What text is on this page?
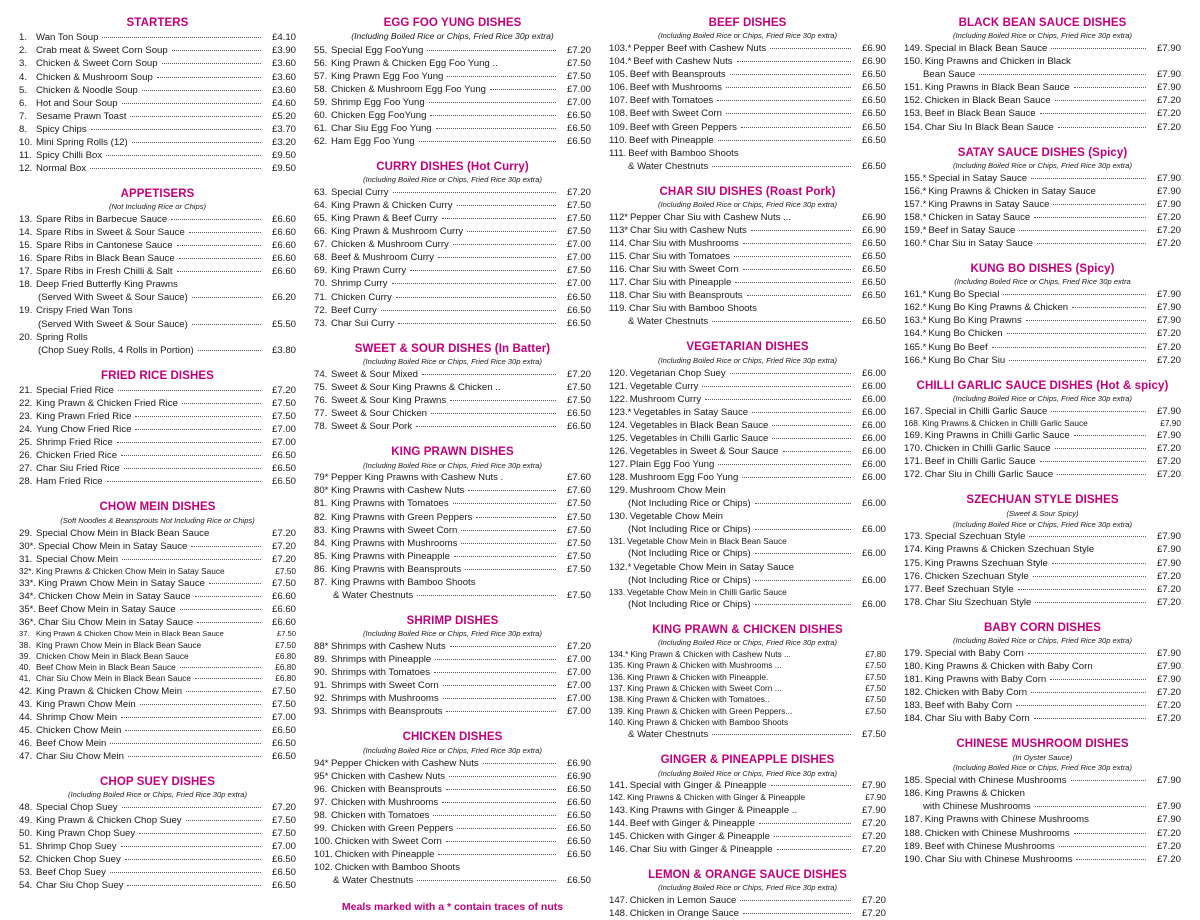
STARTERS
1. Wan Ton Soup	£4.10
2. Crab meat & Sweet Corn Soup	£3.90
3. Chicken & Sweet Corn Soup	£3.60
4. Chicken & Mushroom Soup	£3.60
5. Chicken & Noodle Soup	£3.60
6. Hot and Sour Soup	£4.60
7. Sesame Prawn Toast	£5.20
8. Spicy Chips	£3.70
10. Mini Spring Rolls (12)	£3.20
11. Spicy Chilli Box	£9.50
12. Normal Box	£9.50
APPETISERS
(Not Including Rice or Chips)
13. Spare Ribs in Barbecue Sauce	£6.60
14. Spare Ribs in Sweet & Sour Sauce	£6.60
15. Spare Ribs in Cantonese Sauce	£6.60
16. Spare Ribs in Black Bean Sauce	£6.60
17. Spare Ribs in Fresh Chilli & Salt	£6.60
18. Deep Fried Butterfly King Prawns
(Served With Sweet & Sour Sauce)	£6.20
19. Crispy Fried Wan Tons
(Served With Sweet & Sour Sauce)	£5.50
20. Spring Rolls
(Chop Suey Rolls, 4 Rolls in Portion)	£3.80
FRIED RICE DISHES
21. Special Fried Rice	£7.20
22. King Prawn & Chicken Fried Rice	£7.50
23. King Prawn Fried Rice	£7.50
24. Yung Chow Fried Rice	£7.00
25. Shrimp Fried Rice	£7.00
26. Chicken Fried Rice	£6.50
27. Char Siu Fried Rice	£6.50
28. Ham Fried Rice	£6.50
CHOW MEIN DISHES
(Soft Noodles & Beansprouts Not Including Rice or Chips)
29. Special Chow Mein in Black Bean Sauce	£7.20
30*. Special Chow Mein in Satay Sauce	£7.20
31. Special Chow Mein	£7.20
32*. King Prawns & Chicken Chow Mein in Satay Sauce	£7.50
33*. King Prawn Chow Mein in Satay Sauce	£7.50
34*. Chicken Chow Mein in Satay Sauce	£6.60
35*. Beef Chow Mein in Satay Sauce	£6.60
36*. Char Siu Chow Mein in Satay Sauce	£6.60
37. King Prawn & Chicken Chow Mein in Black Bean Sauce	£7.50
38. King Prawn Chow Mein in Black Bean Sauce	£7.50
39. Chicken Chow Mein in Black Bean Sauce	£6.80
40. Beef Chow Mein in Black Bean Sauce	£6.80
41. Char Siu Chow Mein in Black Bean Sauce	£6.80
42. King Prawn & Chicken Chow Mein	£7.50
43. King Prawn Chow Mein	£7.50
44. Shrimp Chow Mein	£7.00
45. Chicken Chow Mein	£6.50
46. Beef Chow Mein	£6.50
47. Char Siu Chow Mein	£6.50
CHOP SUEY DISHES
(Including Boiled Rice or Chips, Fried Rice 30p extra)
48. Special Chop Suey	£7.20
49. King Prawn & Chicken Chop Suey	£7.50
50. King Prawn Chop Suey	£7.50
51. Shrimp Chop Suey	£7.00
52. Chicken Chop Suey	£6.50
53. Beef Chop Suey	£6.50
54. Char Siu Chop Suey	£6.50
EGG FOO YUNG DISHES
(Including Boiled Rice or Chips, Fried Rice 30p extra)
55. Special Egg FooYung	£7.20
56. King Prawn & Chicken Egg Foo Yung ..	£7.50
57. King Prawn Egg Foo Yung	£7.50
58. Chicken & Mushroom Egg Foo Yung	£7.00
59. Shrimp Egg Foo Yung	£7.00
60. Chicken Egg FooYung	£6.50
61. Char Siu Egg Foo Yung	£6.50
62. Ham Egg Foo Yung	£6.50
CURRY DISHES (Hot Curry)
(Including Boiled Rice or Chips, Fried Rice 30p extra)
63. Special Curry	£7.20
64. King Prawn & Chicken Curry	£7.50
65. King Prawn & Beef Curry	£7.50
66. King Prawn & Mushroom Curry	£7.50
67. Chicken & Mushroom Curry	£7.00
68. Beef & Mushroom Curry	£7.00
69. King Prawn Curry	£7.50
70. Shrimp Curry	£7.00
71. Chicken Curry	£6.50
72. Beef Curry	£6.50
73. Char Sui Curry	£6.50
SWEET & SOUR DISHES (In Batter)
(Including Boiled Rice or Chips, Fried Rice 30p extra)
74. Sweet & Sour Mixed	£7.20
75. Sweet & Sour King Prawns & Chicken ..	£7.50
76. Sweet & Sour King Prawns	£7.50
77. Sweet & Sour Chicken	£6.50
78. Sweet & Sour Pork	£6.50
KING PRAWN DISHES
(Including Boiled Rice or Chips, Fried Rice 30p extra)
79* Pepper King Prawns with Cashew Nuts .	£7.60
80* King Prawns with Cashew Nuts	£7.60
81. King Prawns with Tomatoes	£7.50
82. King Prawns with Green Peppers	£7.50
83. King Prawns with Sweet Corn	£7.50
84. King Prawns with Mushrooms	£7.50
85. King Prawns with Pineapple	£7.50
86. King Prawns with Beansprouts	£7.50
87. King Prawns with Bamboo Shoots
& Water Chestnuts	£7.50
SHRIMP DISHES
(Including Boiled Rice or Chips, Fried Rice 30p extra)
88* Shrimps with Cashew Nuts	£7.20
89. Shrimps with Pineapple	£7.00
90. Shrimps with Tomatoes	£7.00
91. Shrimps with Sweet Corn	£7.00
92. Shrimps with Mushrooms	£7.00
93. Shrimps with Beansprouts	£7.00
CHICKEN DISHES
(Including Boiled Rice or Chips, Fried Rice 30p extra)
94* Pepper Chicken with Cashew Nuts	£6.90
95* Chicken with Cashew Nuts	£6.90
96. Chicken with Beansprouts	£6.50
97. Chicken with Mushrooms	£6.50
98. Chicken with Tomatoes	£6.50
99. Chicken with Green Peppers	£6.50
100. Chicken with Sweet Corn	£6.50
101. Chicken with Pineapple	£6.50
102. Chicken with Bamboo Shoots
& Water Chestnuts	£6.50
Meals marked with a * contain traces of nuts
BEEF DISHES
(Including Boiled Rice or Chips, Fried Rice 30p extra)
103.* Pepper Beef with Cashew Nuts	£6.90
104.* Beef with Cashew Nuts	£6.90
105. Beef with Beansprouts	£6.50
106. Beef with Mushrooms	£6.50
107. Beef with Tomatoes	£6.50
108. Beef with Sweet Corn	£6.50
109. Beef with Green Peppers	£6.50
110. Beef with Pineapple	£6.50
111. Beef with Bamboo Shoots
& Water Chestnuts	£6.50
CHAR SIU DISHES (Roast Pork)
(Including Boiled Rice or Chips, Fried Rice 30p extra)
112* Pepper Char Siu with Cashew Nuts ...	£6.90
113* Char Siu with Cashew Nuts	£6.90
114. Char Siu with Mushrooms	£6.50
115. Char Siu with Tomatoes	£6.50
116. Char Siu with Sweet Corn	£6.50
117. Char Siu with Pineapple	£6.50
118. Char Siu with Beansprouts	£6.50
119. Char Siu with Bamboo Shoots
& Water Chestnuts	£6.50
VEGETARIAN DISHES
(Including Boiled Rice or Chips, Fried Rice 30p extra)
120. Vegetarian Chop Suey	£6.00
121. Vegetable Curry	£6.00
122. Mushroom Curry	£6.00
123.* Vegetables in Satay Sauce	£6.00
124. Vegetables in Black Bean Sauce	£6.00
125. Vegetables in Chilli Garlic Sauce	£6.00
126. Vegetables in Sweet & Sour Sauce	£6.00
127. Plain Egg Foo Yung	£6.00
128. Mushroom Egg Foo Yung	£6.00
129. Mushroom Chow Mein
(Not Including Rice or Chips)	£6.00
130. Vegetable Chow Mein
(Not Including Rice or Chips)	£6.00
131. Vegetable Chow Mein in Black Bean Sauce
(Not Including Rice or Chips)	£6.00
132.* Vegetable Chow Mein in Satay Sauce
(Not Including Rice or Chips)	£6.00
133. Vegetable Chow Mein in Chilli Garlic Sauce
(Not Including Rice or Chips)	£6.00
KING PRAWN & CHICKEN DISHES
(Including Boiled Rice or Chips, Fried Rice 30p extra)
134.* King Prawn & Chicken with Cashew Nuts ...	£7.80
135. King Prawn & Chicken with Mushrooms ...	£7.50
136. King Prawn & Chicken with Pineapple.	£7.50
137. King Prawn & Chicken with Sweet Corn ...	£7.50
138. King Prawn & Chicken with Tomatoes..	£7.50
139. King Prawn & Chicken with Green Peppers...	£7.50
140. King Prawn & Chicken with Bamboo Shoots
& Water Chestnuts	£7.50
GINGER & PINEAPPLE DISHES
(Including Boiled Rice or Chips, Fried Rice 30p extra)
141. Special with Ginger & Pineapple	£7.90
142. King Prawns & Chicken with Ginger & Pineapple	£7.90
143. King Prawns with Ginger & Pineapple ..	£7.90
144. Beef with Ginger & Pineapple	£7.20
145. Chicken with Ginger & Pineapple	£7.20
146. Char Siu with Ginger & Pineapple	£7.20
LEMON & ORANGE SAUCE DISHES
(Including Boiled Rice or Chips, Fried Rice 30p extra)
147. Chicken in Lemon Sauce	£7.20
148. Chicken in Orange Sauce	£7.20
BLACK BEAN SAUCE DISHES
(Including Boiled Rice or Chips, Fried Rice 30p extra)
149. Special in Black Bean Sauce	£7.90
150. King Prawns and Chicken in Black
Bean Sauce	£7.90
151. King Prawns in Black Bean Sauce	£7.90
152. Chicken in Black Bean Sauce	£7.20
153. Beef in Black Bean Sauce	£7.20
154. Char Siu In Black Bean Sauce	£7.20
SATAY SAUCE DISHES (Spicy)
(Including Boiled Rice or Chips, Fried Rice 30p extra)
155.* Special in Satay Sauce	£7.90
156.* King Prawns & Chicken in Satay Sauce	£7.90
157.* King Prawns in Satay Sauce	£7.90
158.* Chicken in Satay Sauce	£7.20
159.* Beef in Satay Sauce	£7.20
160.* Char Siu in Satay Sauce	£7.20
KUNG BO DISHES (Spicy)
(Including Boiled Rice or Chips, Fried Rice 30p extra
161.* Kung Bo Special	£7.90
162.* Kung Bo King Prawns & Chicken	£7.90
163.* Kung Bo King Prawns	£7.90
164.* Kung Bo Chicken	£7.20
165.* Kung Bo Beef	£7.20
166.* Kung Bo Char Siu	£7.20
CHILLI GARLIC SAUCE DISHES (Hot & spicy)
(Including Boiled Rice or Chips, Fried Rice 30p extra)
167. Special in Chilli Garlic Sauce	£7.90
168. King Prawns & Chicken in Chilli Garlic Sauce	£7.90
169. King Prawns in Chilli Garlic Sauce	£7.90
170. Chicken in Chilli Garlic Sauce	£7.20
171. Beef in Chilli Garlic Sauce	£7.20
172. Char Siu in Chilli Garlic Sauce	£7.20
SZECHUAN STYLE DISHES
(Sweet & Sour Spicy)
(Including Boiled Rice or Chips, Fried Rice 30p extra)
173. Special Szechuan Style	£7.90
174. King Prawns & Chicken Szechuan Style	£7.90
175. King Prawns Szechuan Style	£7.90
176. Chicken Szechuan Style	£7.20
177. Beef Szechuan Style	£7.20
178. Char Siu Szechuan Style	£7.20
BABY CORN DISHES
(Including Boiled Rice or Chips, Fried Rice 30p extra)
179. Special with Baby Corn	£7.90
180. King Prawns & Chicken with Baby Corn	£7.90
181. King Prawns with Baby Corn	£7.90
182. Chicken with Baby Corn	£7.20
183. Beef with Baby Corn	£7.20
184. Char Siu with Baby Corn	£7.20
CHINESE MUSHROOM DISHES
(In Oyster Sauce)
(Including Boiled Rice or Chips, Fried Rice 30p extra)
185. Special with Chinese Mushrooms	£7.90
186. King Prawns & Chicken
with Chinese Mushrooms	£7.90
187. King Prawns with Chinese Mushrooms	£7.90
188. Chicken with Chinese Mushrooms	£7.20
189. Beef with Chinese Mushrooms	£7.20
190. Char Siu with Chinese Mushrooms	£7.20
